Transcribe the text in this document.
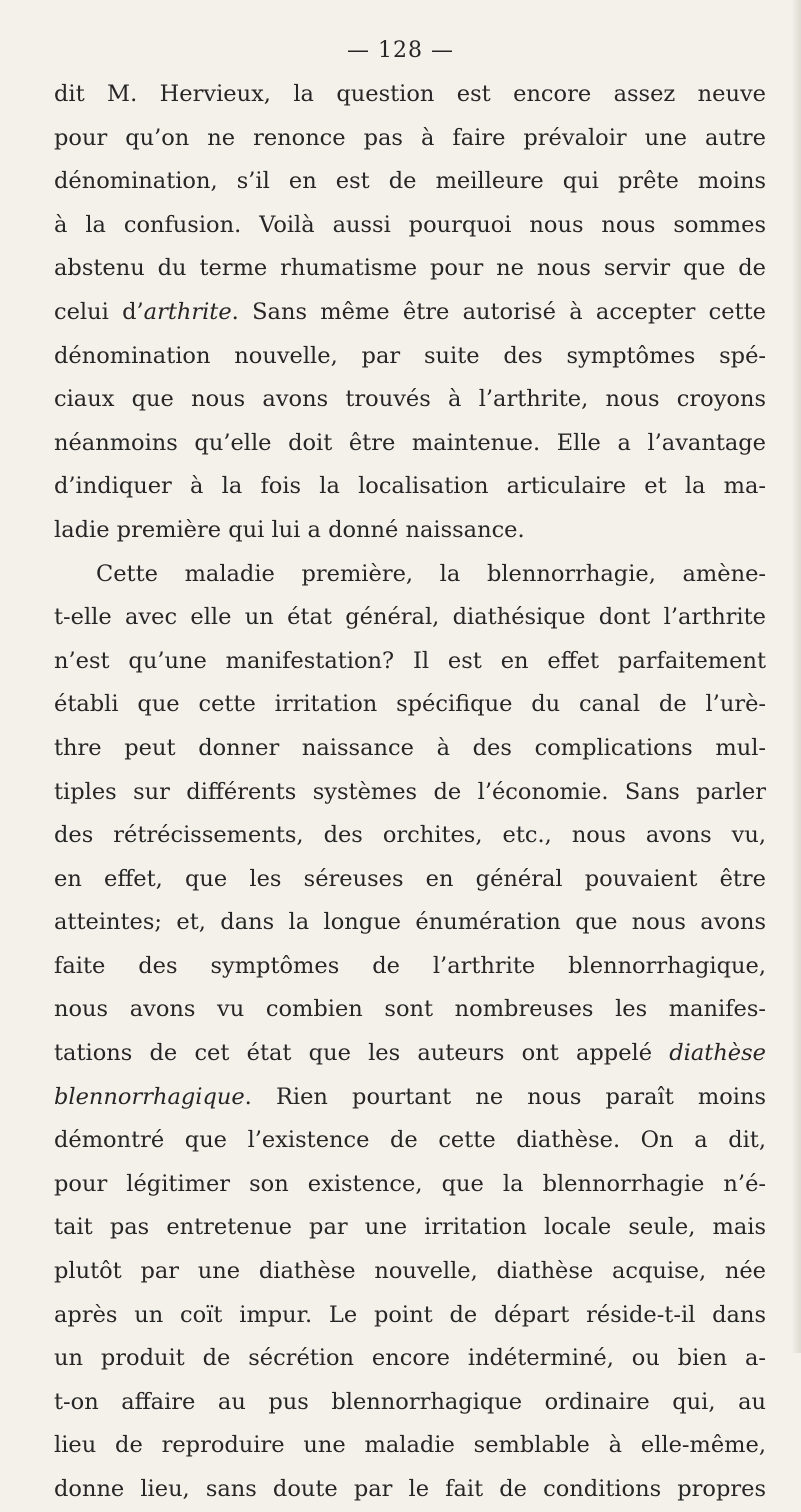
— 128 —
dit M. Hervieux, la question est encore assez neuve
pour qu’on ne renonce pas à faire prévaloir une autre
dénomination, s’il en est de meilleure qui prête moins
à la confusion. Voilà aussi pourquoi nous nous sommes
abstenu du terme rhumatisme pour ne nous servir que de
celui d’arthrite. Sans même être autorisé à accepter cette
dénomination nouvelle, par suite des symptômes spé-
ciaux que nous avons trouvés à l’arthrite, nous croyons
néanmoins qu’elle doit être maintenue. Elle a l’avantage
d’indiquer à la fois la localisation articulaire et la ma-
ladie première qui lui a donné naissance.
Cette maladie première, la blennorrhagie, amène-
t-elle avec elle un état général, diathésique dont l’arthrite
n’est qu’une manifestation? Il est en effet parfaitement
établi que cette irritation spécifique du canal de l’urè-
thre peut donner naissance à des complications mul-
tiples sur différents systèmes de l’économie. Sans parler
des rétrécissements, des orchites, etc., nous avons vu,
en effet, que les séreuses en général pouvaient être
atteintes; et, dans la longue énumération que nous avons
faite des symptômes de l’arthrite blennorrhagique,
nous avons vu combien sont nombreuses les manifes-
tations de cet état que les auteurs ont appelé diathèse
blennorrhagique. Rien pourtant ne nous paraît moins
démontré que l’existence de cette diathèse. On a dit,
pour légitimer son existence, que la blennorrhagie n’é-
tait pas entretenue par une irritation locale seule, mais
plutôt par une diathèse nouvelle, diathèse acquise, née
après un coït impur. Le point de départ réside-t-il dans
un produit de sécrétion encore indéterminé, ou bien a-
t-on affaire au pus blennorrhagique ordinaire qui, au
lieu de reproduire une maladie semblable à elle-même,
donne lieu, sans doute par le fait de conditions propres
